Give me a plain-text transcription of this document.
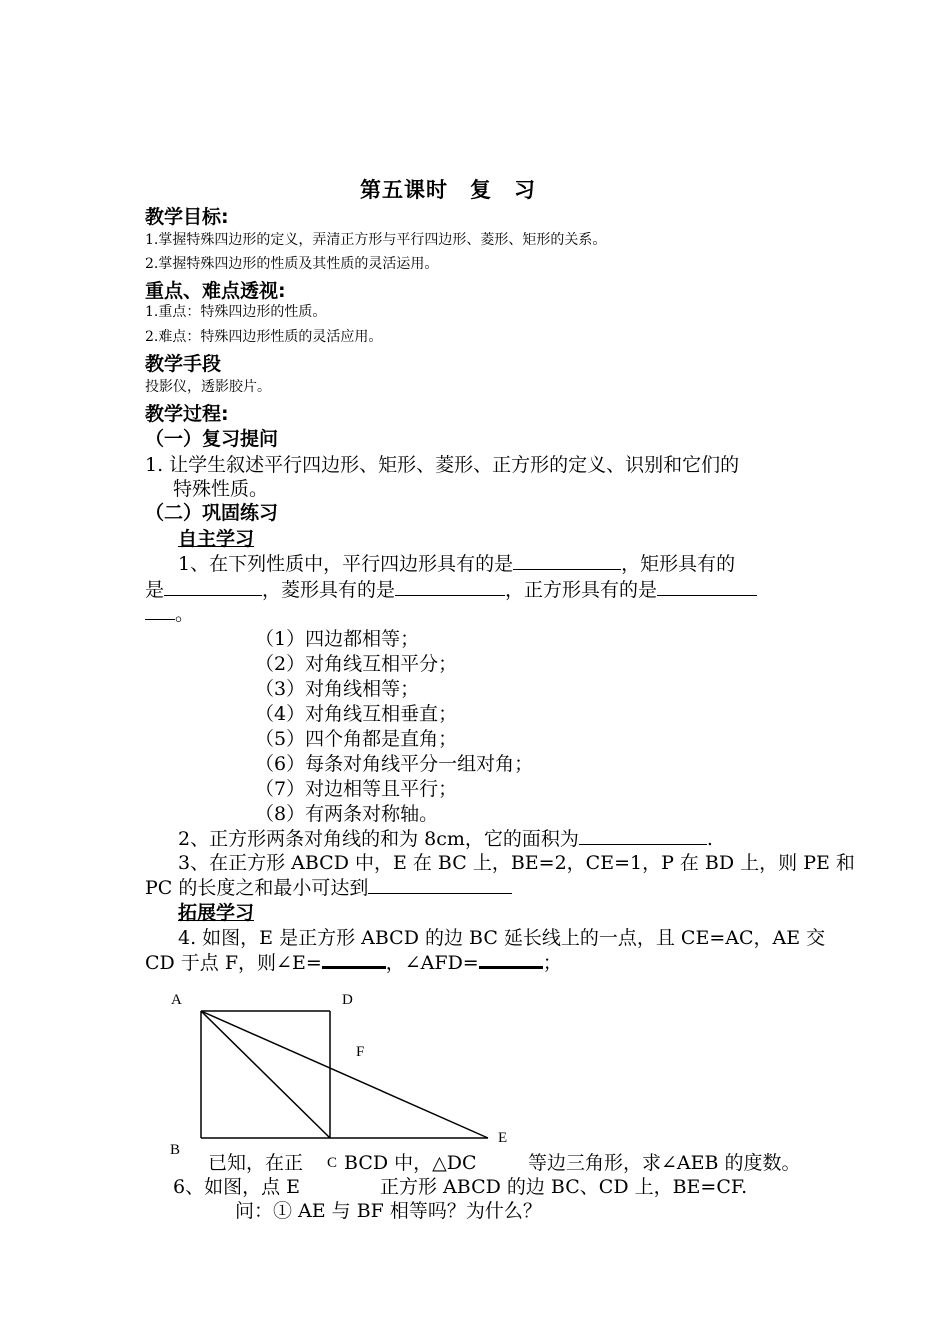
第五课时　复　习
教学目标:
1.掌握特殊四边形的定义，弄清正方形与平行四边形、菱形、矩形的关系。
2.掌握特殊四边形的性质及其性质的灵活运用。
重点、难点透视:
1.重点：特殊四边形的性质。
2.难点：特殊四边形性质的灵活应用。
教学手段
投影仪，透影胶片。
教学过程:
（一）复习提问
1. 让学生叙述平行四边形、矩形、菱形、正方形的定义、识别和它们的
特殊性质。
（二）巩固练习
自主学习
1、在下列性质中，平行四边形具有的是	，矩形具有的
是	，菱形具有的是	，正方形具有的是
。
（1）四边都相等；
（2）对角线互相平分；
（3）对角线相等；
（4）对角线互相垂直；
（5）四个角都是直角；
（6）每条对角线平分一组对角；
（7）对边相等且平行；
（8）有两条对称轴。
2、正方形两条对角线的和为 8cm，它的面积为	.
3、在正方形 ABCD 中，E 在 BC 上，BE=2，CE=1，P 在 BD 上，则 PE 和
PC 的长度之和最小可达到
拓展学习
4. 如图，E 是正方形 ABCD 的边 BC 延长线上的一点，且 CE=AC，AE 交
CD 于点 F，则∠E=	，∠AFD=	；
A	D
F
B
C
E
已知，在正 BCD 中，△DC	等边三角形，求∠AEB 的度数。
6、如图，点 E	正方形 ABCD 的边 BC、CD 上，BE=CF.
问：① AE 与 BF 相等吗？为什么？
